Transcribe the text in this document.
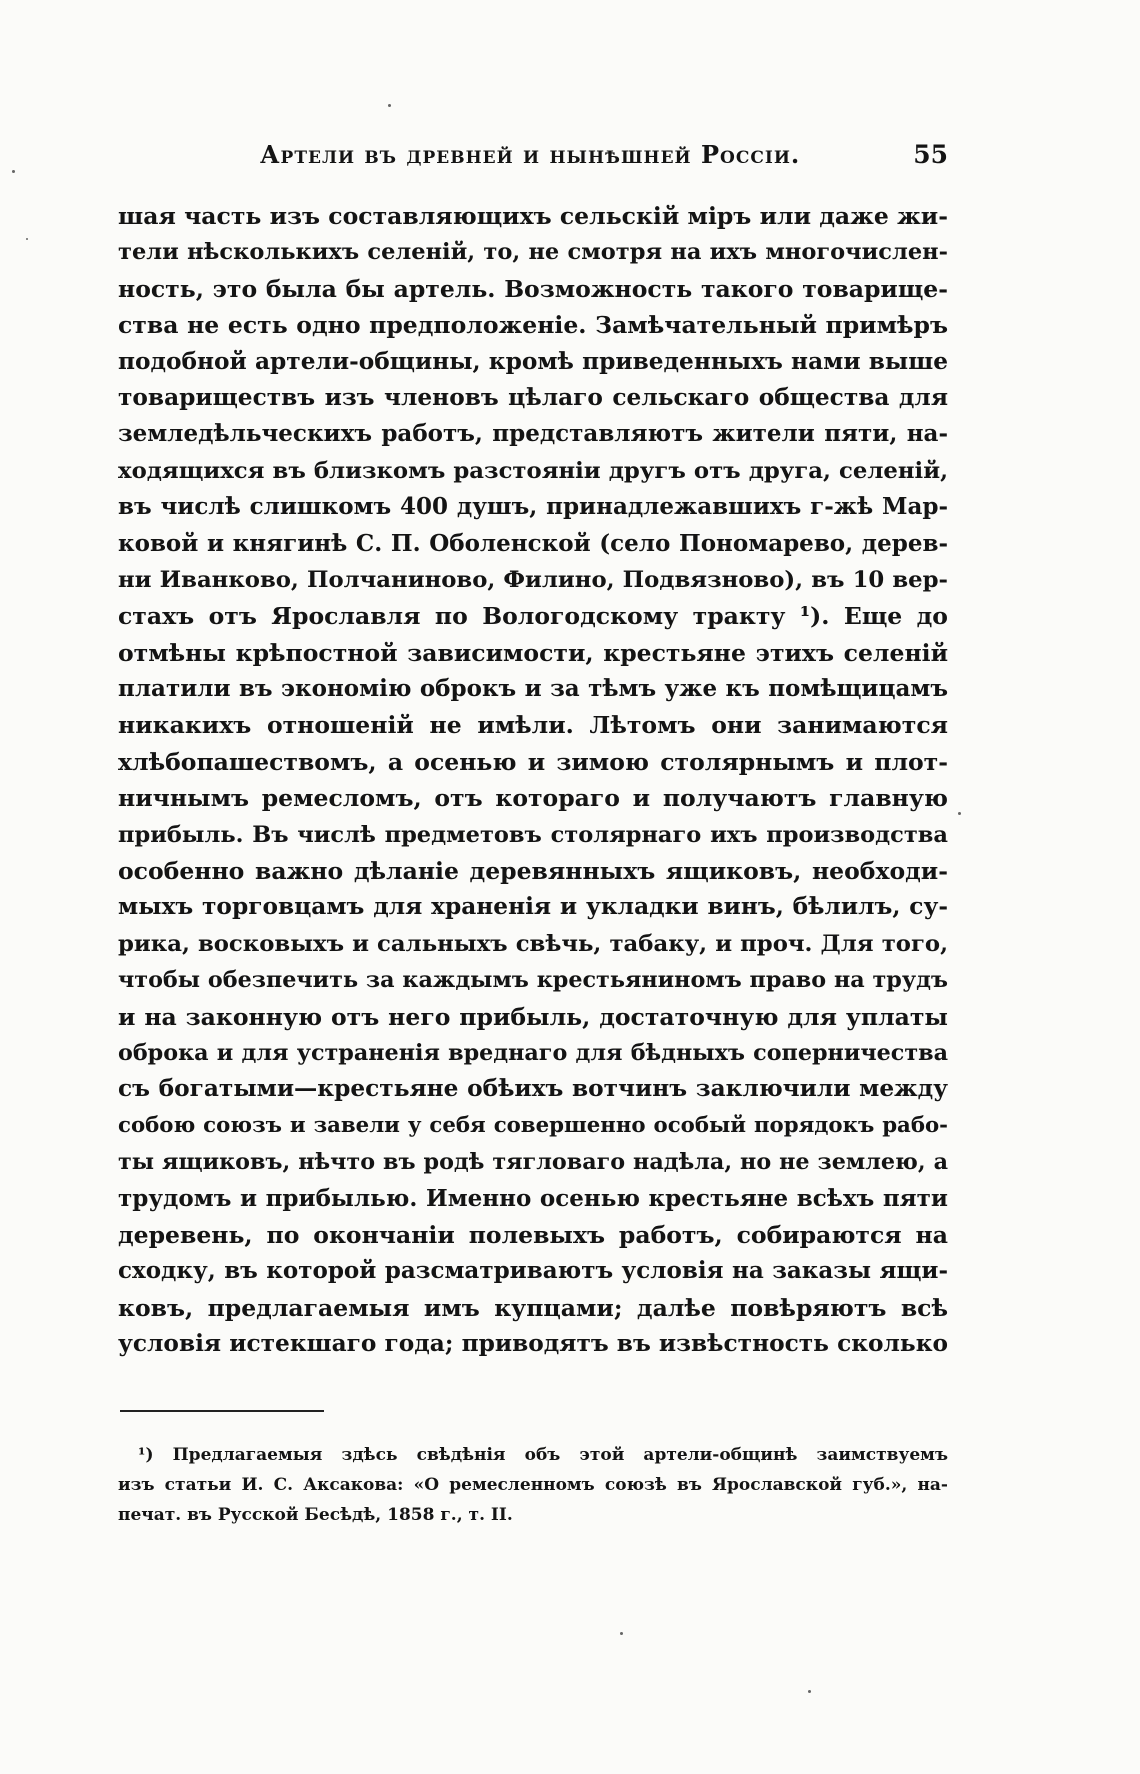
Артели въ древней и нынѣшней Россіи.	55
шая часть изъ составляющихъ сельскій міръ или даже жи-
тели нѣсколькихъ селеній, то, не смотря на ихъ многочислен-
ность, это была бы артель. Возможность такого товарище-
ства не есть одно предположеніе. Замѣчательный примѣръ
подобной артели-общины, кромѣ приведенныхъ нами выше
товариществъ изъ членовъ цѣлаго сельскаго общества для
земледѣльческихъ работъ, представляютъ жители пяти, на-
ходящихся въ близкомъ разстояніи другъ отъ друга, селеній,
въ числѣ слишкомъ 400 душъ, принадлежавшихъ г-жѣ Мар-
ковой и княгинѣ С. П. Оболенской (село Пономарево, дерев-
ни Иванково, Полчаниново, Филино, Подвязново), въ 10 вер-
стахъ отъ Ярославля по Вологодскому тракту ¹). Еще до
отмѣны крѣпостной зависимости, крестьяне этихъ селеній
платили въ экономію оброкъ и за тѣмъ уже къ помѣщицамъ
никакихъ отношеній не имѣли. Лѣтомъ они занимаются
хлѣбопашествомъ, а осенью и зимою столярнымъ и плот-
ничнымъ ремесломъ, отъ котораго и получаютъ главную
прибыль. Въ числѣ предметовъ столярнаго ихъ производства
особенно важно дѣланіе деревянныхъ ящиковъ, необходи-
мыхъ торговцамъ для храненія и укладки винъ, бѣлилъ, су-
рика, восковыхъ и сальныхъ свѣчь, табаку, и проч. Для того,
чтобы обезпечить за каждымъ крестьяниномъ право на трудъ
и на законную отъ него прибыль, достаточную для уплаты
оброка и для устраненія вреднаго для бѣдныхъ соперничества
съ богатыми—крестьяне обѣихъ вотчинъ заключили между
собою союзъ и завели у себя совершенно особый порядокъ рабо-
ты ящиковъ, нѣчто въ родѣ тягловаго надѣла, но не землею, а
трудомъ и прибылью. Именно осенью крестьяне всѣхъ пяти
деревень, по окончаніи полевыхъ работъ, собираются на
сходку, въ которой разсматриваютъ условія на заказы ящи-
ковъ, предлагаемыя имъ купцами; далѣе повѣряютъ всѣ
условія истекшаго года; приводятъ въ извѣстность сколько
¹) Предлагаемыя здѣсь свѣдѣнія объ этой артели-общинѣ заимствуемъ
изъ статьи И. С. Аксакова: «О ремесленномъ союзѣ въ Ярославской губ.», на-
печат. въ Русской Бесѣдѣ, 1858 г., т. II.
